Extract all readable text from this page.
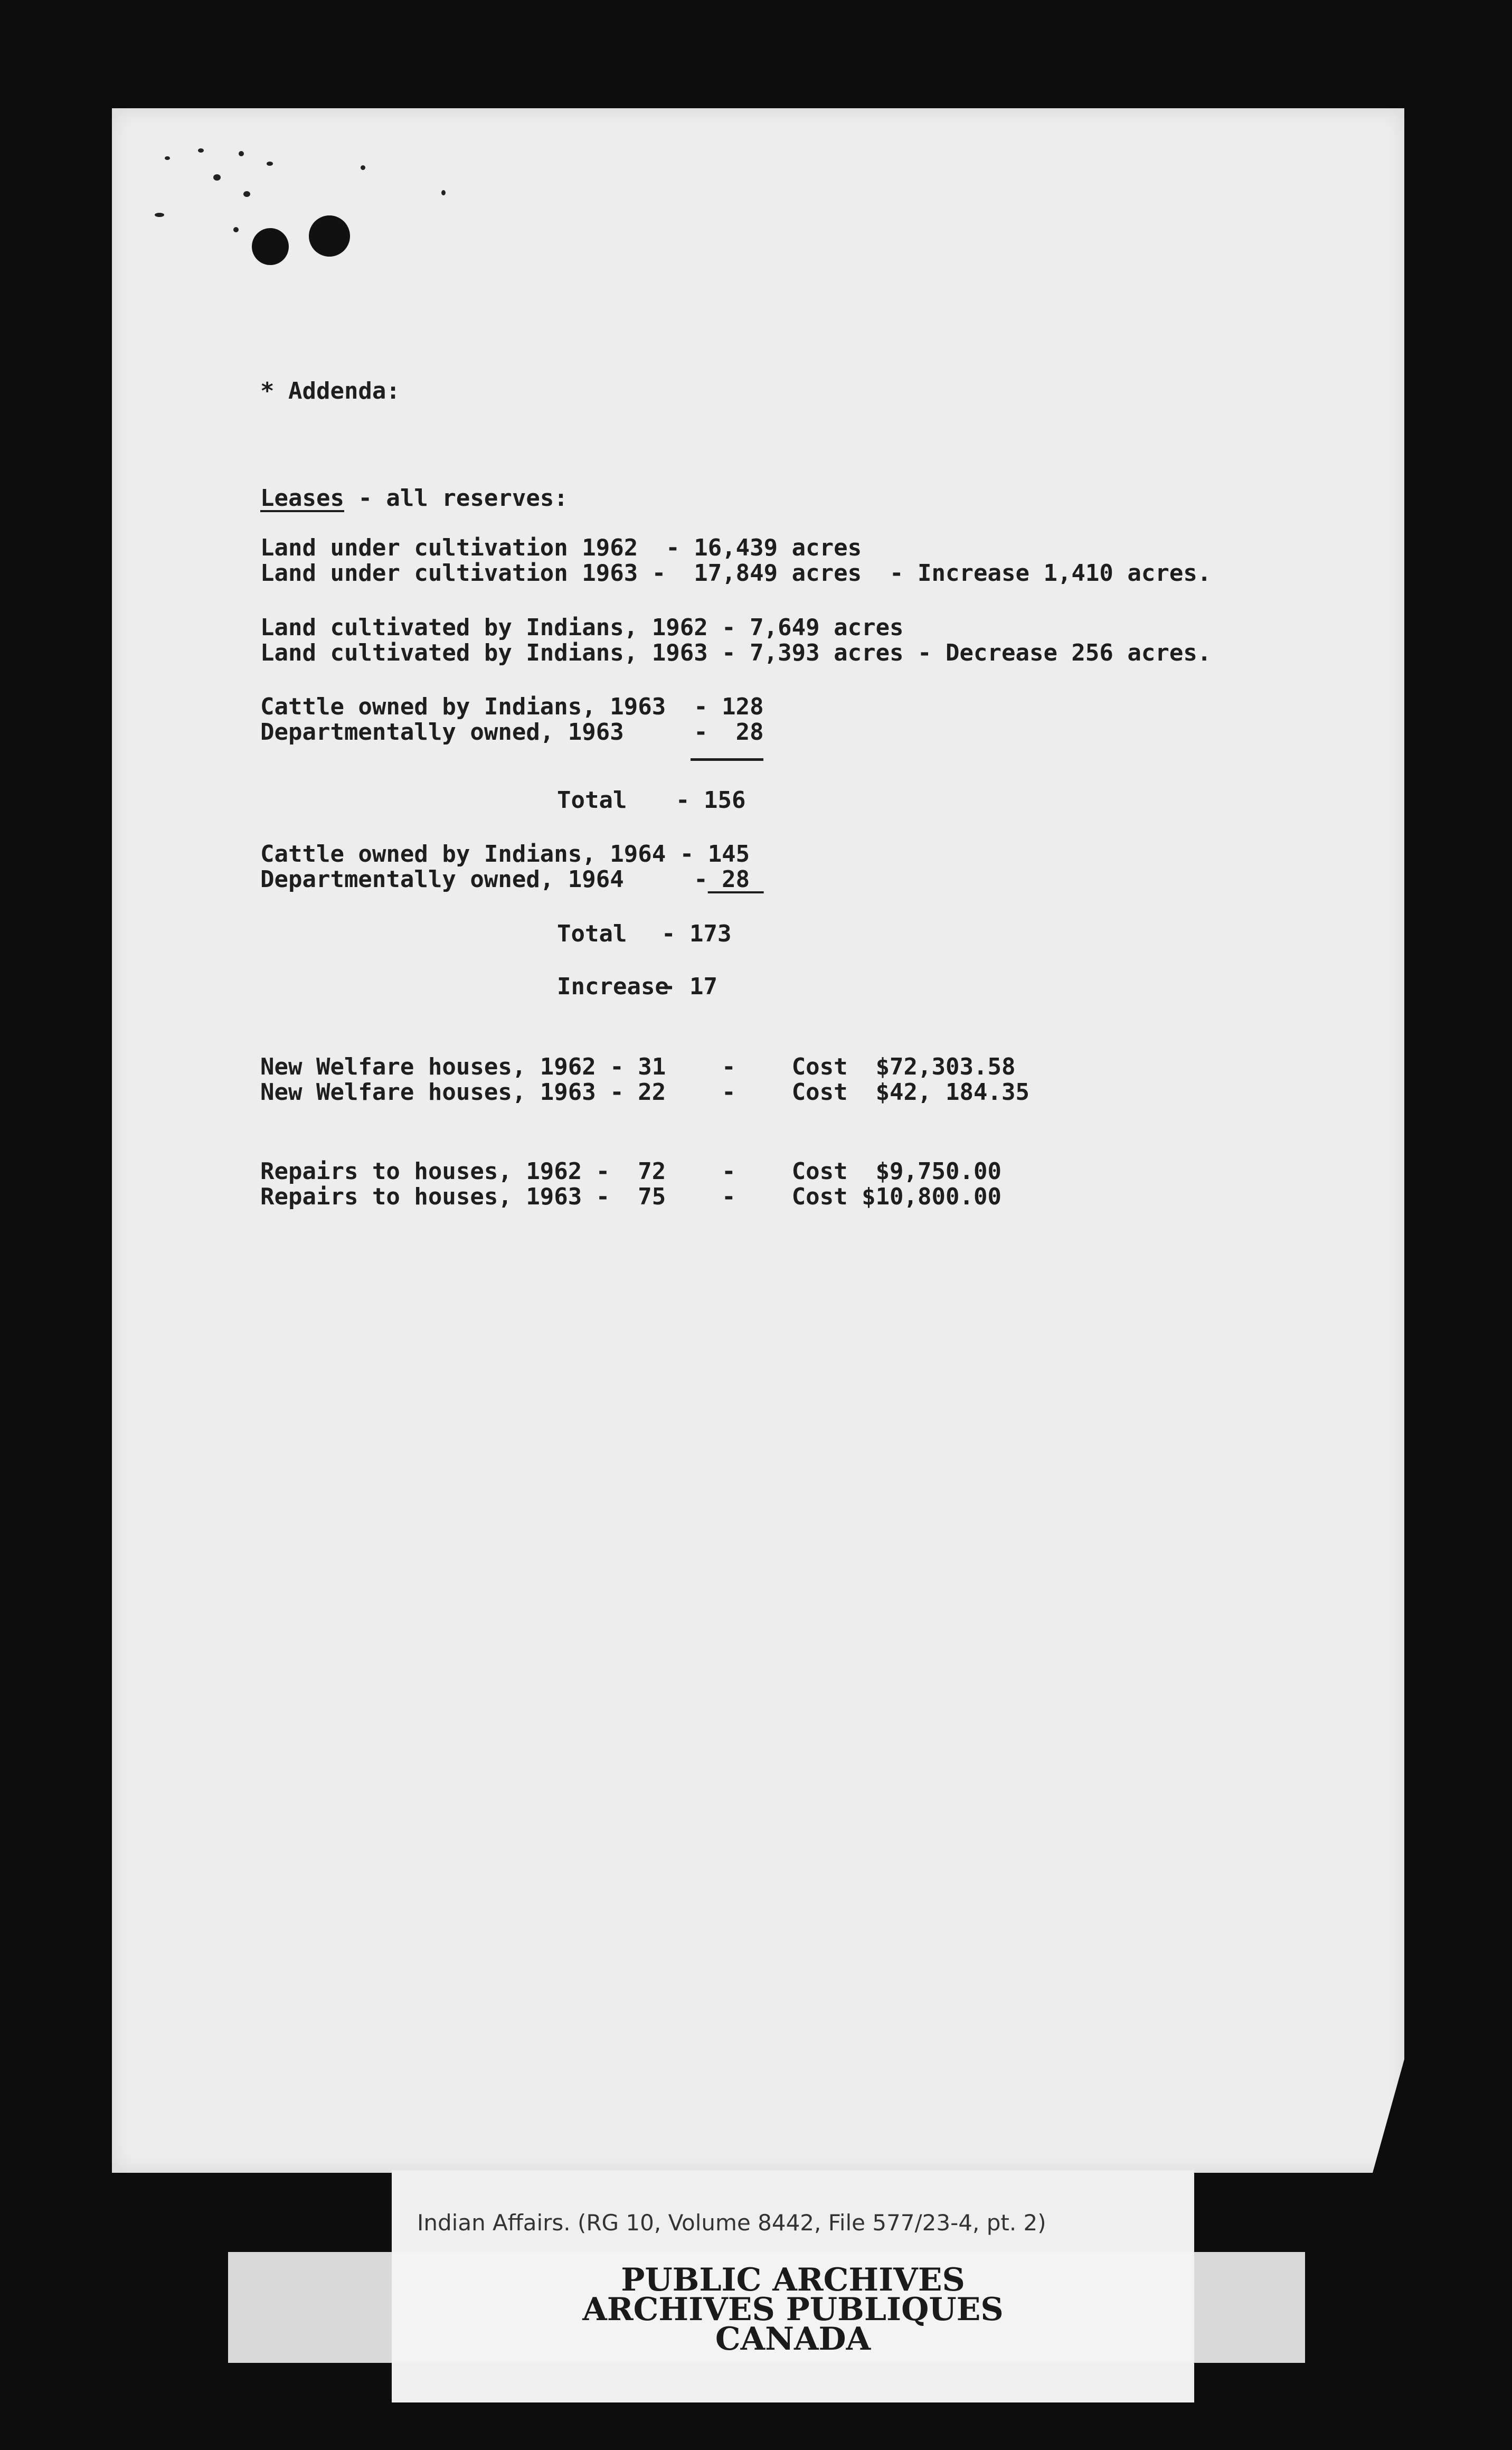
* Addenda:
Leases - all reserves:
Land under cultivation 1962  - 16,439 acres
Land under cultivation 1963 -  17,849 acres  - Increase 1,410 acres.
Land cultivated by Indians, 1962 - 7,649 acres
Land cultivated by Indians, 1963 - 7,393 acres - Decrease 256 acres.
Cattle owned by Indians, 1963  - 128
Departmentally owned, 1963     -  28
Total - 156
Cattle owned by Indians, 1964 - 145
Departmentally owned, 1964     - 28
Total - 173
Increase
- 17
New Welfare houses, 1962 - 31    -    Cost  $72,303.58
New Welfare houses, 1963 - 22    -    Cost  $42, 184.35
Repairs to houses, 1962 -  72    -    Cost  $9,750.00
Repairs to houses, 1963 -  75    -    Cost $10,800.00
Indian Affairs. (RG 10, Volume 8442, File 577/23-4, pt. 2)
PUBLIC ARCHIVES
ARCHIVES PUBLIQUES
CANADA
